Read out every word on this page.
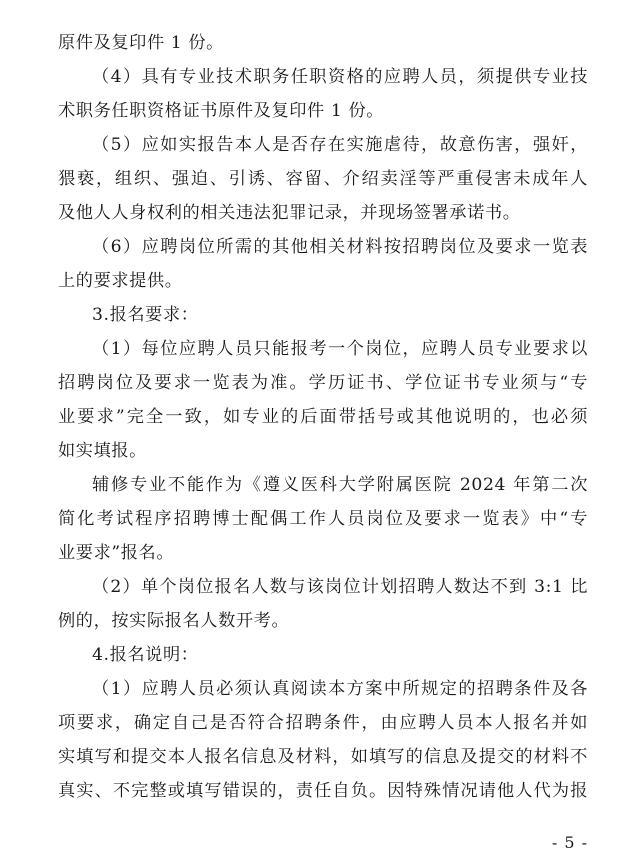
原件及复印件 1 份。
（4）具有专业技术职务任职资格的应聘人员，须提供专业技
术职务任职资格证书原件及复印件 1 份。
（5）应如实报告本人是否存在实施虐待，故意伤害，强奸，
猥亵，组织、强迫、引诱、容留、介绍卖淫等严重侵害未成年人
及他人人身权利的相关违法犯罪记录，并现场签署承诺书。
（6）应聘岗位所需的其他相关材料按招聘岗位及要求一览表
上的要求提供。
3.报名要求：
（1）每位应聘人员只能报考一个岗位，应聘人员专业要求以
招聘岗位及要求一览表为准。学历证书、学位证书专业须与“专
业要求”完全一致，如专业的后面带括号或其他说明的，也必须
如实填报。
辅修专业不能作为《遵义医科大学附属医院 2024 年第二次
简化考试程序招聘博士配偶工作人员岗位及要求一览表》中“专
业要求”报名。
（2）单个岗位报名人数与该岗位计划招聘人数达不到 3:1 比
例的，按实际报名人数开考。
4.报名说明：
（1）应聘人员必须认真阅读本方案中所规定的招聘条件及各
项要求，确定自己是否符合招聘条件，由应聘人员本人报名并如
实填写和提交本人报名信息及材料，如填写的信息及提交的材料不
真实、不完整或填写错误的，责任自负。因特殊情况请他人代为报
- 5 -
